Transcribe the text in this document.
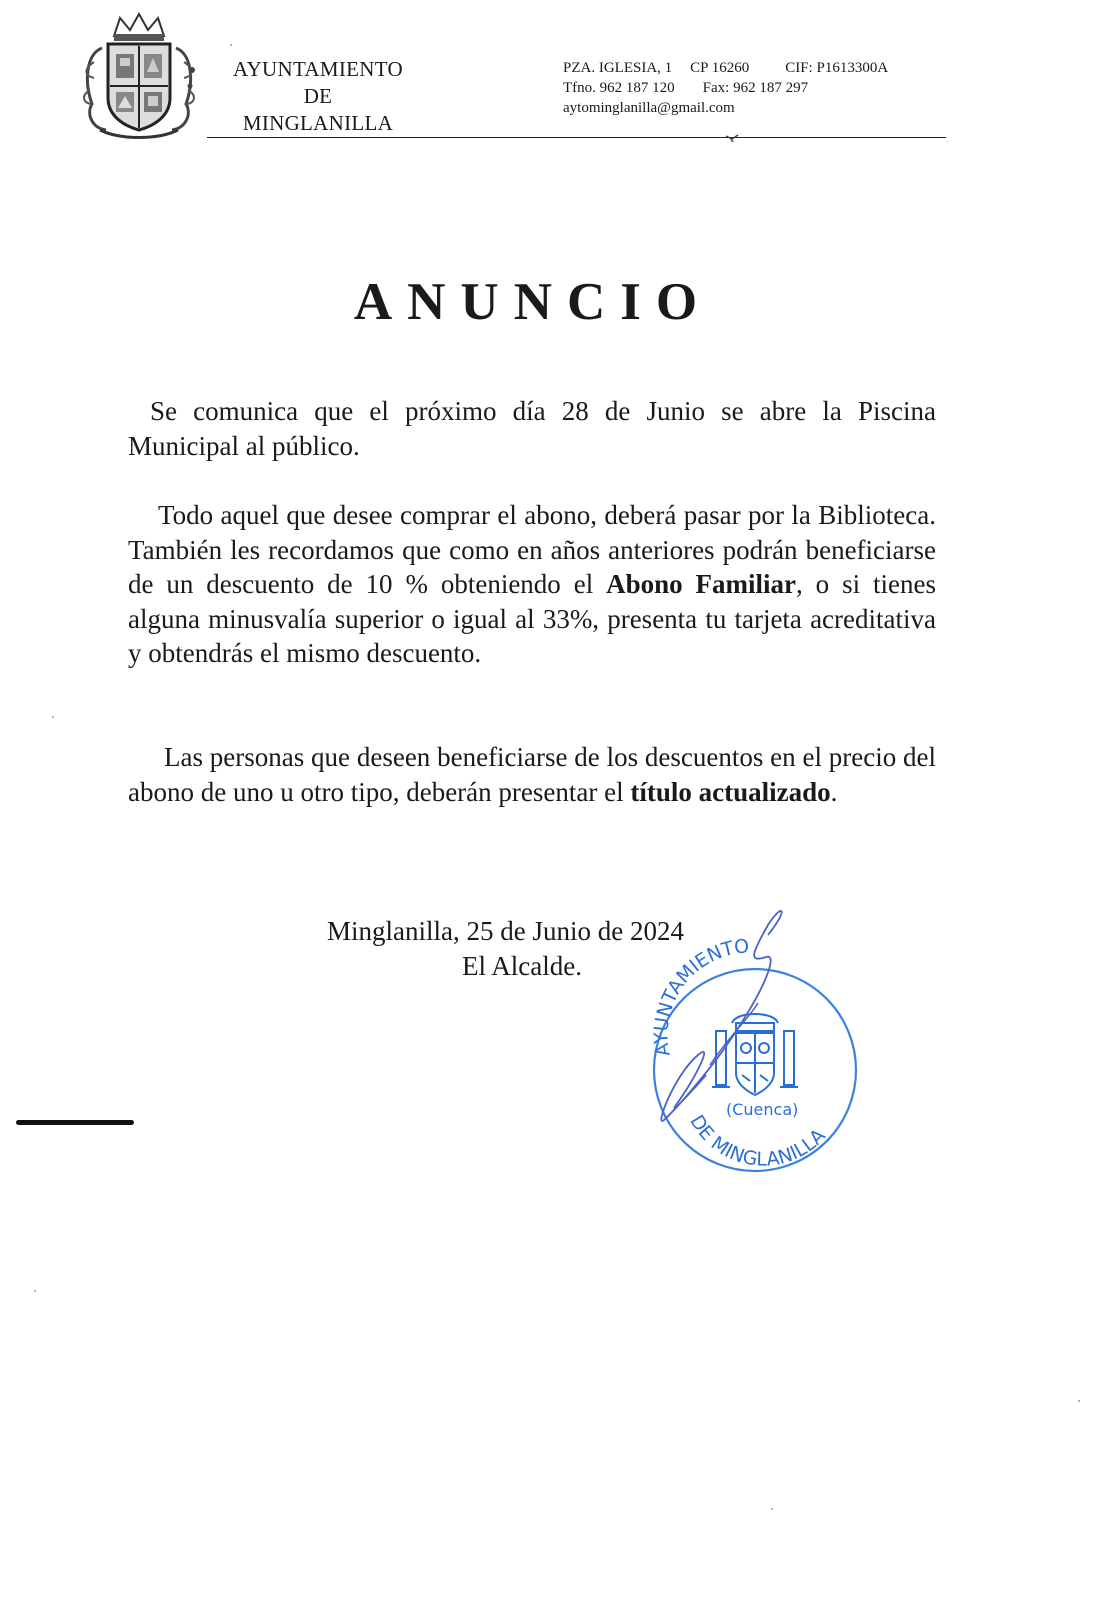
AYUNTAMIENTO
DE
MINGLANILLA
PZA. IGLESIA, 1 CP 16260 CIF: P1613300A
Tfno. 962 187 120 Fax: 962 187 297
aytominglanilla@gmail.com
ANUNCIO
Se comunica que el próximo día 28 de Junio se abre la Piscina Municipal al público.
Todo aquel que desee comprar el abono, deberá pasar por la Biblioteca. También les recordamos que como en años anteriores podrán beneficiarse de un descuento de 10 % obteniendo el Abono Familiar, o si tienes alguna minusvalía superior o igual al 33%, presenta tu tarjeta acreditativa y obtendrás el mismo descuento.
Las personas que deseen beneficiarse de los descuentos en el precio del abono de uno u otro tipo, deberán presentar el título actualizado.
Minglanilla, 25 de Junio de 2024
El Alcalde.
AYUNTAMIENTO
DE MINGLANILLA
(Cuenca)
